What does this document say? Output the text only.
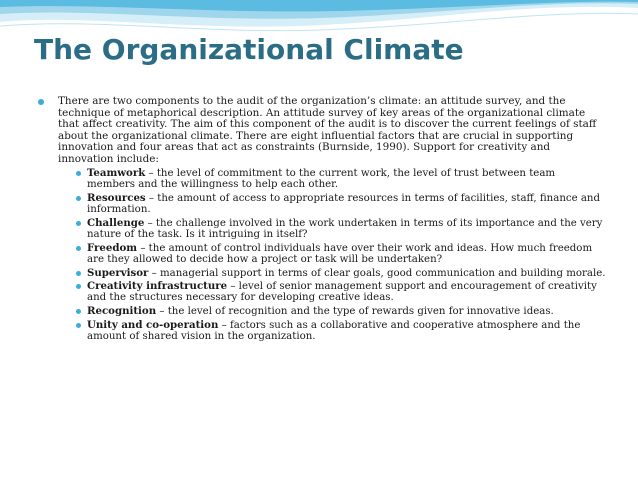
The Organizational Climate

There are two components to the audit of the organization’s climate: an attitude survey, and the technique of metaphorical description. An attitude survey of key areas of the organizational climate that affect creativity. The aim of this component of the audit is to discover the current feelings of staff about the organizational climate. There are eight influential factors that are crucial in supporting innovation and four areas that act as constraints (Burnside, 1990). Support for creativity and innovation include:

Teamwork – the level of commitment to the current work, the level of trust between team members and the willingness to help each other.
Resources – the amount of access to appropriate resources in terms of facilities, staff, finance and information.
Challenge – the challenge involved in the work undertaken in terms of its importance and the very nature of the task. Is it intriguing in itself?
Freedom – the amount of control individuals have over their work and ideas. How much freedom are they allowed to decide how a project or task will be undertaken?
Supervisor – managerial support in terms of clear goals, good communication and building morale.
Creativity infrastructure – level of senior management support and encouragement of creativity and the structures necessary for developing creative ideas.
Recognition – the level of recognition and the type of rewards given for innovative ideas.
Unity and co-operation – factors such as a collaborative and cooperative atmosphere and the amount of shared vision in the organization.
